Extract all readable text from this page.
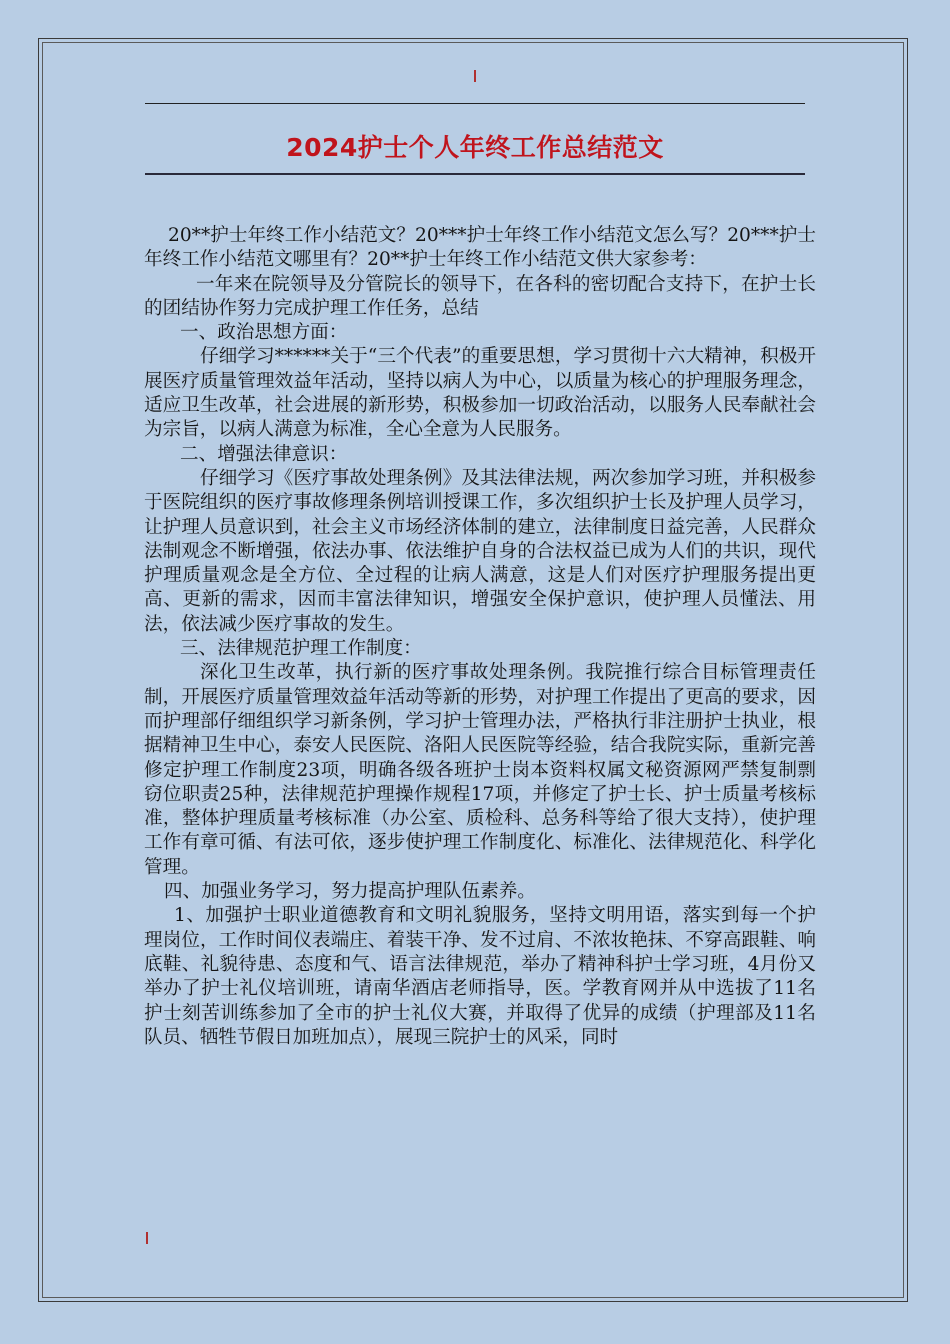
2024护士个人年终工作总结范文

20**护士年终工作小结范文？20***护士年终工作小结范文怎么写？20***护士年终工作小结范文哪里有？20**护士年终工作小结范文供大家参考：

一年来在院领导及分管院长的领导下，在各科的密切配合支持下，在护士长的团结协作努力完成护理工作任务，总结

一、政治思想方面：

仔细学习******关于“三个代表”的重要思想，学习贯彻十六大精神，积极开展医疗质量管理效益年活动，坚持以病人为中心，以质量为核心的护理服务理念，适应卫生改革，社会进展的新形势，积极参加一切政治活动，以服务人民奉献社会为宗旨，以病人满意为标准，全心全意为人民服务。

二、增强法律意识：

仔细学习《医疗事故处理条例》及其法律法规，两次参加学习班，并积极参于医院组织的医疗事故修理条例培训授课工作，多次组织护士长及护理人员学习，让护理人员意识到，社会主义市场经济体制的建立，法律制度日益完善，人民群众法制观念不断增强，依法办事、依法维护自身的合法权益已成为人们的共识，现代护理质量观念是全方位、全过程的让病人满意，这是人们对医疗护理服务提出更高、更新的需求，因而丰富法律知识，增强安全保护意识，使护理人员懂法、用法，依法减少医疗事故的发生。

三、法律规范护理工作制度：

深化卫生改革，执行新的医疗事故处理条例。我院推行综合目标管理责任制，开展医疗质量管理效益年活动等新的形势，对护理工作提出了更高的要求，因而护理部仔细组织学习新条例，学习护士管理办法，严格执行非注册护士执业，根据精神卫生中心，泰安人民医院、洛阳人民医院等经验，结合我院实际，重新完善修定护理工作制度23项，明确各级各班护士岗本资料权属文秘资源网严禁复制剽窃位职责25种，法律规范护理操作规程17项，并修定了护士长、护士质量考核标准，整体护理质量考核标准（办公室、质检科、总务科等给了很大支持），使护理工作有章可循、有法可依，逐步使护理工作制度化、标准化、法律规范化、科学化管理。

四、加强业务学习，努力提高护理队伍素养。

1、加强护士职业道德教育和文明礼貌服务，坚持文明用语，落实到每一个护理岗位，工作时间仪表端庄、着装干净、发不过肩、不浓妆艳抹、不穿高跟鞋、响底鞋、礼貌待患、态度和气、语言法律规范，举办了精神科护士学习班，4月份又举办了护士礼仪培训班，请南华酒店老师指导，医。学教育网并从中选拔了11名护士刻苦训练参加了全市的护士礼仪大赛，并取得了优异的成绩（护理部及11名队员、牺牲节假日加班加点），展现三院护士的风采，同时
